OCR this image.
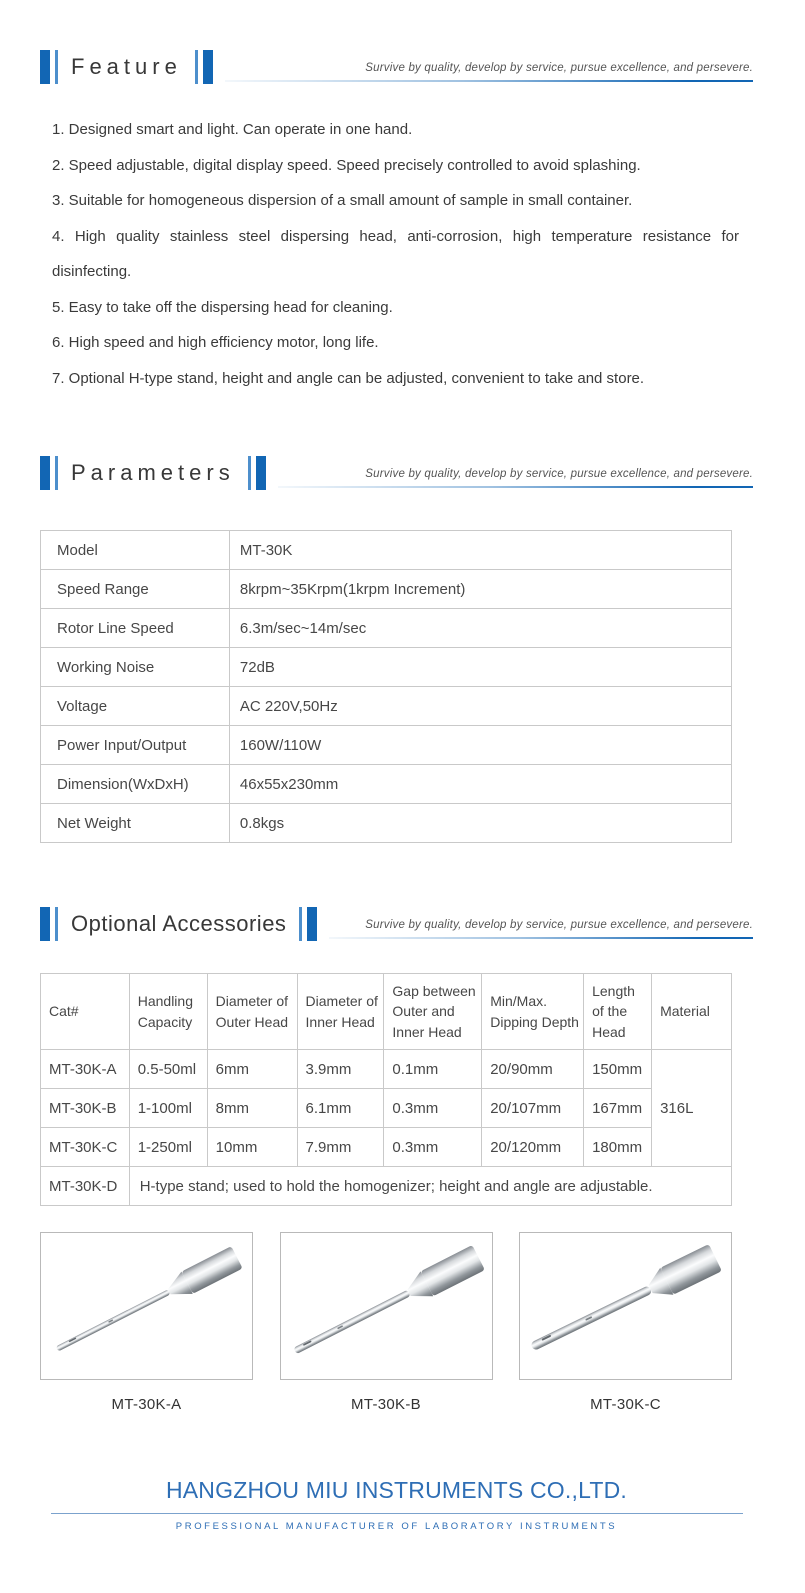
Feature	Survive by quality, develop by service, pursue excellence, and persevere.

1. Designed smart and light. Can operate in one hand.

2. Speed adjustable, digital display speed. Speed precisely controlled to avoid splashing.

3. Suitable for homogeneous dispersion of a small amount of sample in small container.

4. High quality stainless steel dispersing head, anti-corrosion, high temperature resistance for disinfecting.

5. Easy to take off the dispersing head for cleaning.

6. High speed and high efficiency motor, long life.

7. Optional H-type stand, height and angle can be adjusted, convenient to take and store.

Parameters	Survive by quality, develop by service, pursue excellence, and persevere.
Model	MT-30K
Speed Range	8krpm~35Krpm(1krpm Increment)
Rotor Line Speed	6.3m/sec~14m/sec
Working Noise	72dB
Voltage	AC 220V,50Hz
Power Input/Output	160W/110W
Dimension(WxDxH)	46x55x230mm
Net Weight	0.8kgs
Optional Accessories	Survive by quality, develop by service, pursue excellence, and persevere.
Cat#	Handling Capacity	Diameter of Outer Head	Diameter of Inner Head	Gap between Outer and Inner Head	Min/Max. Dipping Depth	Length of the Head	Material
MT-30K-A	0.5-50ml	6mm	3.9mm	0.1mm	20/90mm	150mm	316L
MT-30K-B	1-100ml	8mm	6.1mm	0.3mm	20/107mm	167mm	
MT-30K-C	1-250ml	10mm	7.9mm	0.3mm	20/120mm	180mm	
MT-30K-D	H-type stand; used to hold the homogenizer; height and angle are adjustable.						
MT-30K-A	MT-30K-B	MT-30K-C
HANGZHOU MIU INSTRUMENTS CO.,LTD.
PROFESSIONAL MANUFACTURER OF LABORATORY INSTRUMENTS
